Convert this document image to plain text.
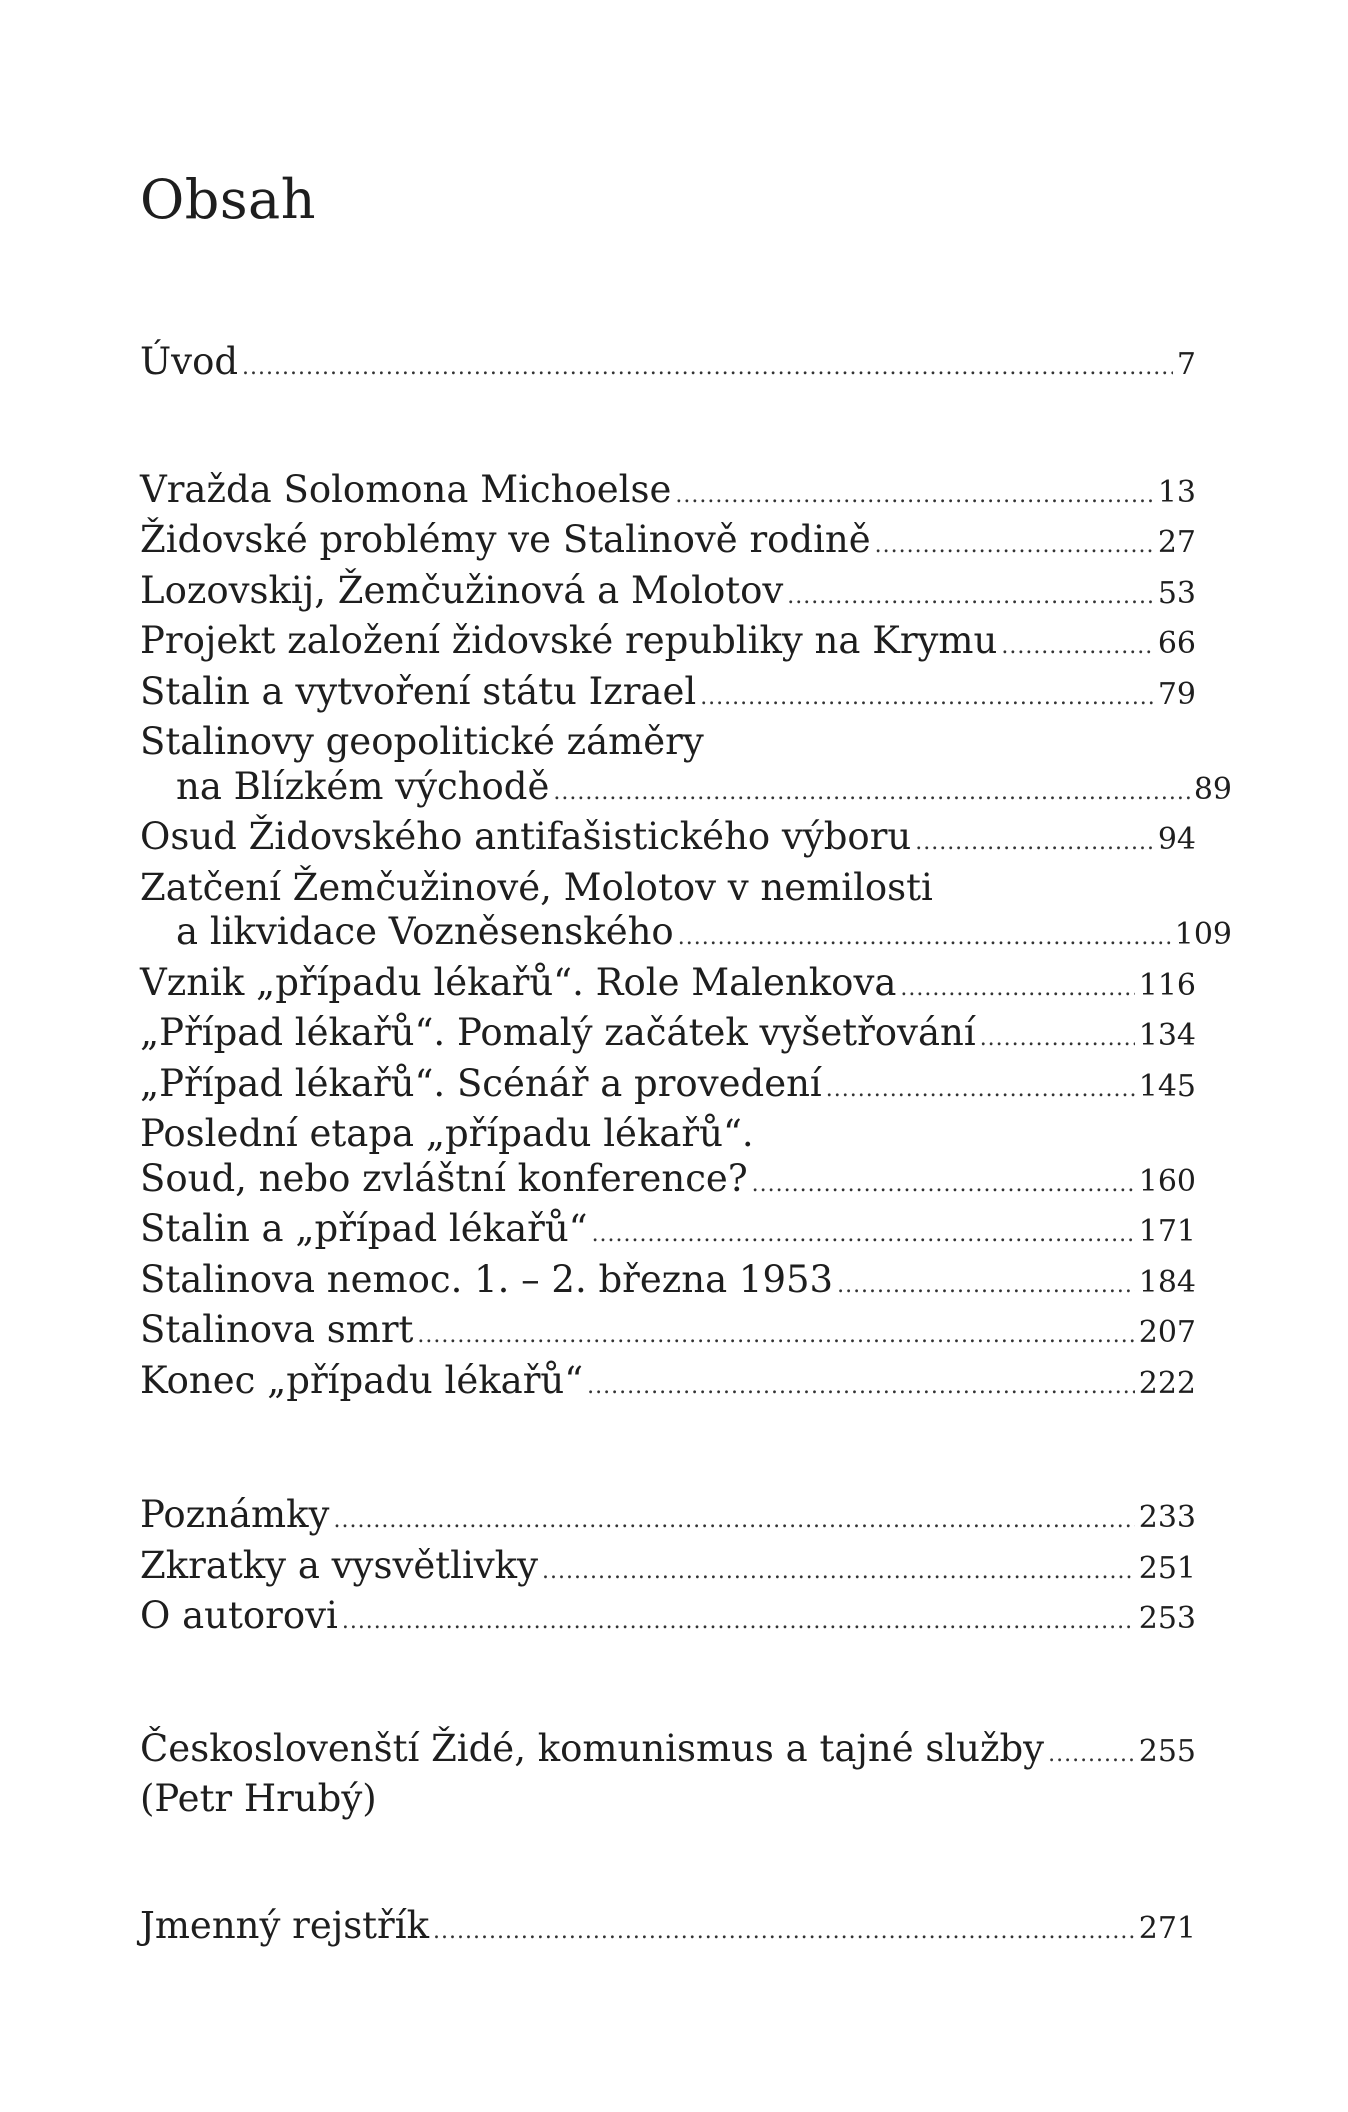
Obsah
Úvod .....	7
Vražda Solomona Michoelse .....	13
Židovské problémy ve Stalinově rodině .....	27
Lozovskij, Žemčužinová a Molotov .....	53
Projekt založení židovské republiky na Krymu .....	66
Stalin a vytvoření státu Izrael .....	79
Stalinovy geopolitické záměry
na Blízkém východě .....	89
Osud Židovského antifašistického výboru .....	94
Zatčení Žemčužinové, Molotov v nemilosti
a likvidace Vozněsenského .....	109
Vznik „případu lékařů“. Role Malenkova .....	116
„Případ lékařů“. Pomalý začátek vyšetřování .....	134
„Případ lékařů“. Scénář a provedení .....	145
Poslední etapa „případu lékařů“.
Soud, nebo zvláštní konference? .....	160
Stalin a „případ lékařů“ .....	171
Stalinova nemoc. 1. – 2. března 1953 .....	184
Stalinova smrt .....	207
Konec „případu lékařů“ .....	222
Poznámky .....	233
Zkratky a vysvětlivky .....	251
O autorovi .....	253
Českoslovenští Židé, komunismus a tajné služby .....	255
(Petr Hrubý)
Jmenný rejstřík .....	271
